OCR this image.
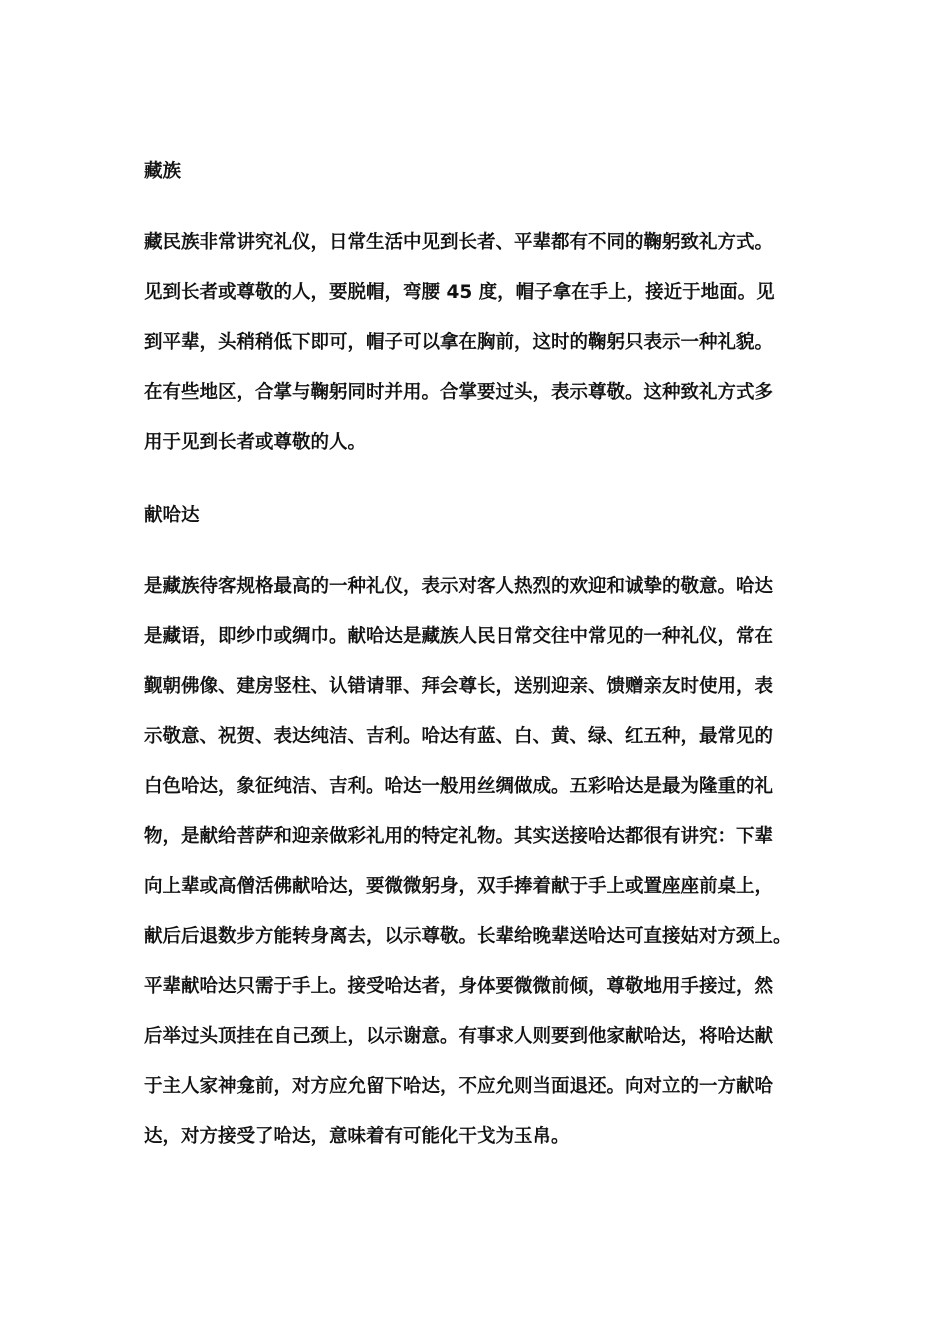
藏族
藏民族非常讲究礼仪，日常生活中见到长者、平辈都有不同的鞠躬致礼方式。
见到长者或尊敬的人，要脱帽，弯腰 45 度，帽子拿在手上，接近于地面。见
到平辈，头稍稍低下即可，帽子可以拿在胸前，这时的鞠躬只表示一种礼貌。
在有些地区，合掌与鞠躬同时并用。合掌要过头，表示尊敬。这种致礼方式多
用于见到长者或尊敬的人。
献哈达
是藏族待客规格最高的一种礼仪，表示对客人热烈的欢迎和诚挚的敬意。哈达
是藏语，即纱巾或绸巾。献哈达是藏族人民日常交往中常见的一种礼仪，常在
觐朝佛像、建房竖柱、认错请罪、拜会尊长，送别迎亲、馈赠亲友时使用，表
示敬意、祝贺、表达纯洁、吉利。哈达有蓝、白、黄、绿、红五种，最常见的
白色哈达，象征纯洁、吉利。哈达一般用丝绸做成。五彩哈达是最为隆重的礼
物，是献给菩萨和迎亲做彩礼用的特定礼物。其实送接哈达都很有讲究：下辈
向上辈或高僧活佛献哈达，要微微躬身，双手捧着献于手上或置座座前桌上，
献后后退数步方能转身离去，以示尊敬。长辈给晚辈送哈达可直接姑对方颈上。
平辈献哈达只需于手上。接受哈达者，身体要微微前倾，尊敬地用手接过，然
后举过头顶挂在自己颈上，以示谢意。有事求人则要到他家献哈达，将哈达献
于主人家神龛前，对方应允留下哈达，不应允则当面退还。向对立的一方献哈
达，对方接受了哈达，意味着有可能化干戈为玉帛。
